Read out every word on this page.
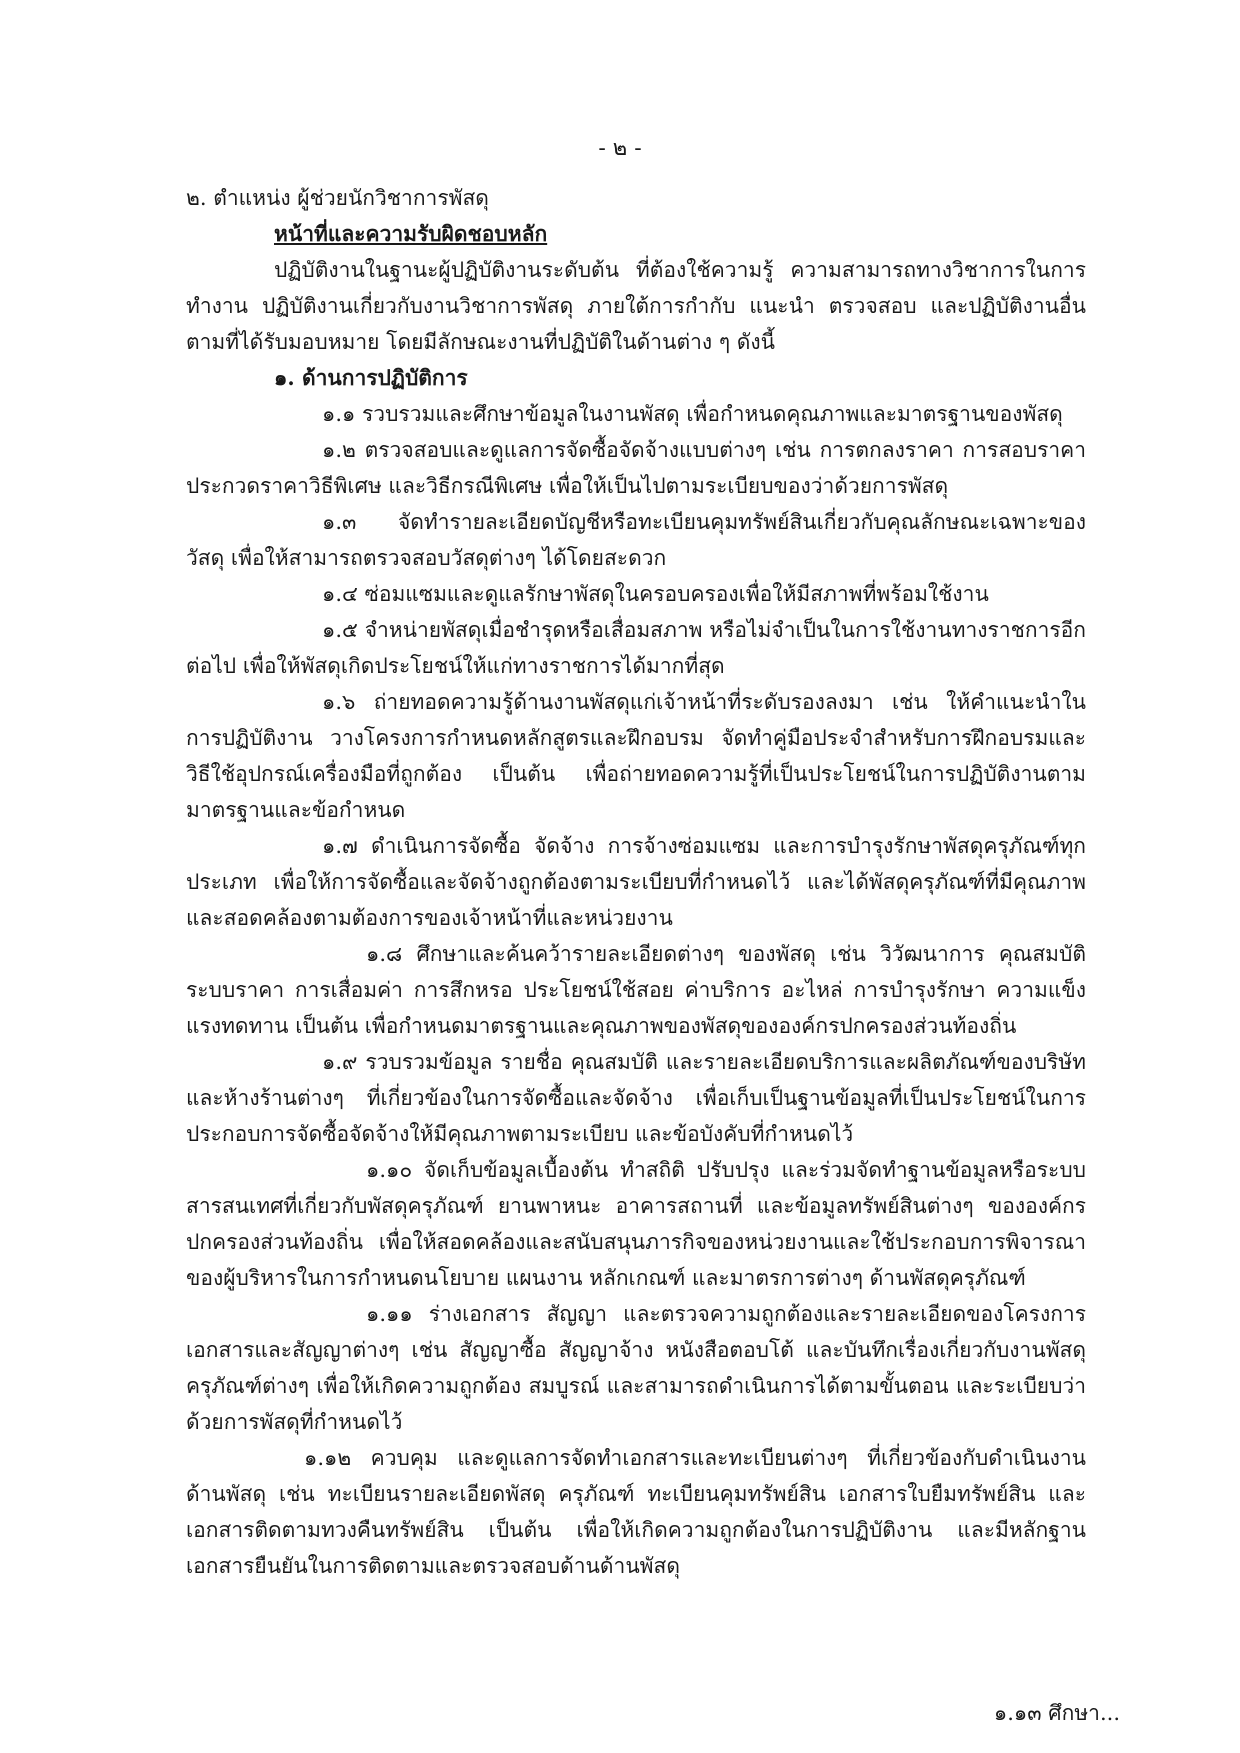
- ๒ -

๒. ตำแหน่ง ผู้ช่วยนักวิชาการพัสดุ

หน้าที่และความรับผิดชอบหลัก

ปฏิบัติงานในฐานะผู้ปฏิบัติงานระดับต้น ที่ต้องใช้ความรู้ ความสามารถทางวิชาการในการทำงาน ปฏิบัติงานเกี่ยวกับงานวิชาการพัสดุ ภายใต้การกำกับ แนะนำ ตรวจสอบ และปฏิบัติงานอื่นตามที่ได้รับมอบหมาย โดยมีลักษณะงานที่ปฏิบัติในด้านต่าง ๆ ดังนี้

๑. ด้านการปฏิบัติการ

๑.๑ รวบรวมและศึกษาข้อมูลในงานพัสดุ เพื่อกำหนดคุณภาพและมาตรฐานของพัสดุ

๑.๒ ตรวจสอบและดูแลการจัดซื้อจัดจ้างแบบต่างๆ เช่น การตกลงราคา การสอบราคาประกวดราคาวิธีพิเศษ และวิธีกรณีพิเศษ เพื่อให้เป็นไปตามระเบียบของว่าด้วยการพัสดุ

๑.๓ จัดทำรายละเอียดบัญชีหรือทะเบียนคุมทรัพย์สินเกี่ยวกับคุณลักษณะเฉพาะของวัสดุ เพื่อให้สามารถตรวจสอบวัสดุต่างๆ ได้โดยสะดวก

๑.๔ ซ่อมแซมและดูแลรักษาพัสดุในครอบครองเพื่อให้มีสภาพที่พร้อมใช้งาน

๑.๕ จำหน่ายพัสดุเมื่อชำรุดหรือเสื่อมสภาพ หรือไม่จำเป็นในการใช้งานทางราชการอีกต่อไป เพื่อให้พัสดุเกิดประโยชน์ให้แก่ทางราชการได้มากที่สุด

๑.๖ ถ่ายทอดความรู้ด้านงานพัสดุแก่เจ้าหน้าที่ระดับรองลงมา เช่น ให้คำแนะนำในการปฏิบัติงาน วางโครงการกำหนดหลักสูตรและฝึกอบรม จัดทำคู่มือประจำสำหรับการฝึกอบรมและวิธีใช้อุปกรณ์เครื่องมือที่ถูกต้อง เป็นต้น เพื่อถ่ายทอดความรู้ที่เป็นประโยชน์ในการปฏิบัติงานตามมาตรฐานและข้อกำหนด

๑.๗ ดำเนินการจัดซื้อ จัดจ้าง การจ้างซ่อมแซม และการบำรุงรักษาพัสดุครุภัณฑ์ทุกประเภท เพื่อให้การจัดซื้อและจัดจ้างถูกต้องตามระเบียบที่กำหนดไว้ และได้พัสดุครุภัณฑ์ที่มีคุณภาพ และสอดคล้องตามต้องการของเจ้าหน้าที่และหน่วยงาน

๑.๘ ศึกษาและค้นคว้ารายละเอียดต่างๆ ของพัสดุ เช่น วิวัฒนาการ คุณสมบัติ ระบบราคา การเสื่อมค่า การสึกหรอ ประโยชน์ใช้สอย ค่าบริการ อะไหล่ การบำรุงรักษา ความแข็งแรงทดทาน เป็นต้น เพื่อกำหนดมาตรฐานและคุณภาพของพัสดุขององค์กรปกครองส่วนท้องถิ่น

๑.๙ รวบรวมข้อมูล รายชื่อ คุณสมบัติ และรายละเอียดบริการและผลิตภัณฑ์ของบริษัท และห้างร้านต่างๆ ที่เกี่ยวข้องในการจัดซื้อและจัดจ้าง เพื่อเก็บเป็นฐานข้อมูลที่เป็นประโยชน์ในการประกอบการจัดซื้อจัดจ้างให้มีคุณภาพตามระเบียบ และข้อบังคับที่กำหนดไว้

๑.๑๐ จัดเก็บข้อมูลเบื้องต้น ทำสถิติ ปรับปรุง และร่วมจัดทำฐานข้อมูลหรือระบบสารสนเทศที่เกี่ยวกับพัสดุครุภัณฑ์ ยานพาหนะ อาคารสถานที่ และข้อมูลทรัพย์สินต่างๆ ขององค์กรปกครองส่วนท้องถิ่น เพื่อให้สอดคล้องและสนับสนุนภารกิจของหน่วยงานและใช้ประกอบการพิจารณาของผู้บริหารในการกำหนดนโยบาย แผนงาน หลักเกณฑ์ และมาตรการต่างๆ ด้านพัสดุครุภัณฑ์

๑.๑๑ ร่างเอกสาร สัญญา และตรวจความถูกต้องและรายละเอียดของโครงการ เอกสารและสัญญาต่างๆ เช่น สัญญาซื้อ สัญญาจ้าง หนังสือตอบโต้ และบันทึกเรื่องเกี่ยวกับงานพัสดุครุภัณฑ์ต่างๆ เพื่อให้เกิดความถูกต้อง สมบูรณ์ และสามารถดำเนินการได้ตามขั้นตอน และระเบียบว่าด้วยการพัสดุที่กำหนดไว้

๑.๑๒ ควบคุม และดูแลการจัดทำเอกสารและทะเบียนต่างๆ ที่เกี่ยวข้องกับดำเนินงานด้านพัสดุ เช่น ทะเบียนรายละเอียดพัสดุ ครุภัณฑ์ ทะเบียนคุมทรัพย์สิน เอกสารใบยืมทรัพย์สิน และเอกสารติดตามทวงคืนทรัพย์สิน เป็นต้น เพื่อให้เกิดความถูกต้องในการปฏิบัติงาน และมีหลักฐานเอกสารยืนยันในการติดตามและตรวจสอบด้านด้านพัสดุ

๑.๑๓ ศึกษา...
